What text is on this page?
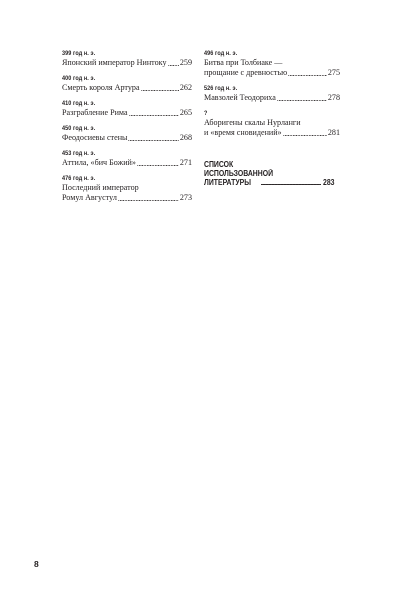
399 год н. э.
Японский император Нинтоку 259
400 год н. э.
Смерть короля Артура	262
410 год н. э.
Разграбление Рима	265
450 год н. э.
Феодосиевы стены	268
453 год н. э.
Аттила, «бич Божий»	271
476 год н. э.
Последний император
Ромул Августул	273
496 год н. э.
Битва при Толбиаке —
прощание с древностью	275
526 год н. э.
Мавзолей Теодориха	278
?
Аборигены скалы Нурланги
и «время сновидений»	281
СПИСОК
ИСПОЛЬЗОВАННОЙ
ЛИТЕРАТУРЫ	283
8
